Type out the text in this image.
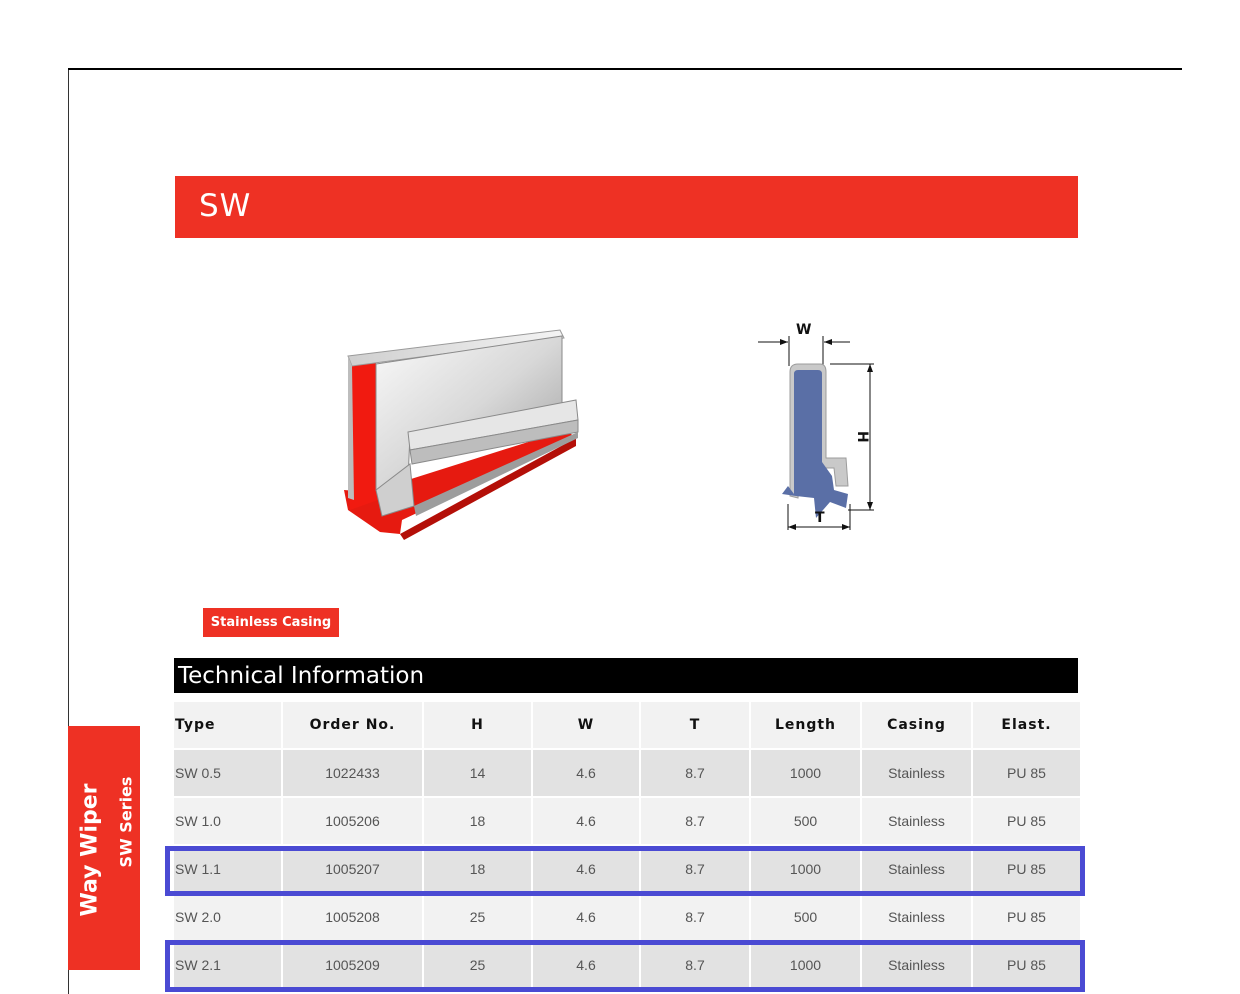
SW
W
H
T
Stainless Casing
Technical Information
Type	Order No.	H	W	T	Length	Casing	Elast.
SW 0.5	1022433	14	4.6	8.7	1000	Stainless	PU 85
SW 1.0	1005206	18	4.6	8.7	500	Stainless	PU 85
SW 1.1	1005207	18	4.6	8.7	1000	Stainless	PU 85
SW 2.0	1005208	25	4.6	8.7	500	Stainless	PU 85
SW 2.1	1005209	25	4.6	8.7	1000	Stainless	PU 85
Way Wiper SW Series
